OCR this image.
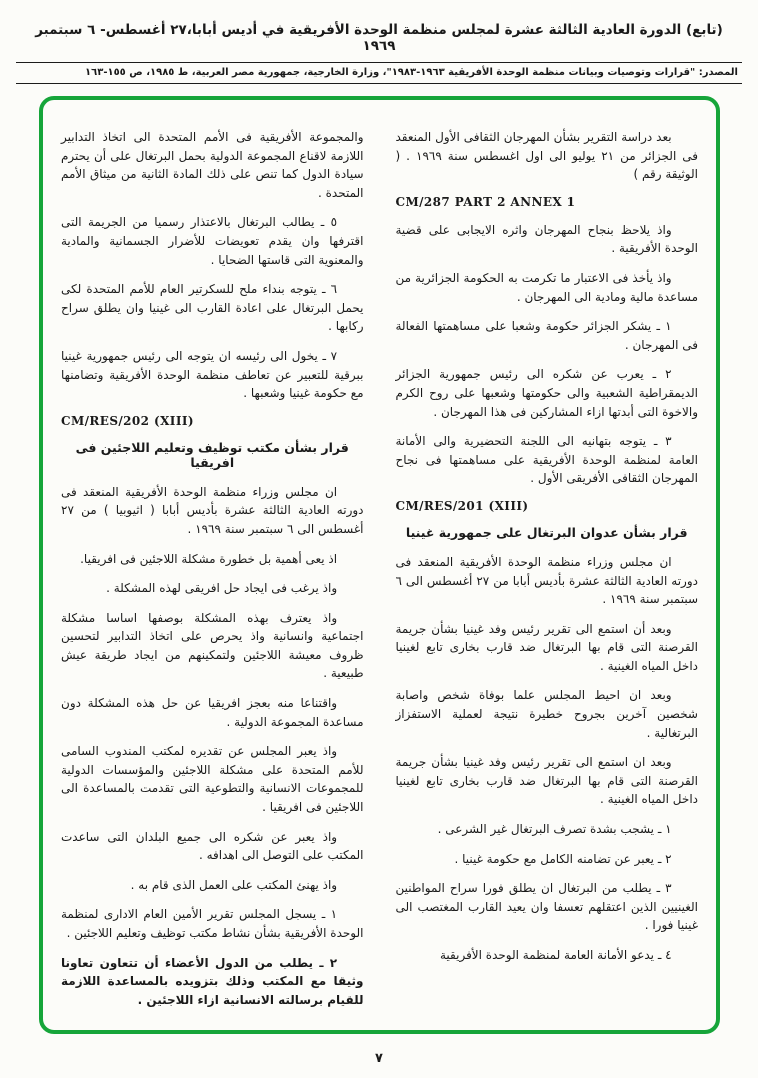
(تابع) الدورة العادية الثالثة عشرة لمجلس منظمة الوحدة الأفريقية في أديس أبابا،٢٧ أغسطس- ٦ سبتمبر ١٩٦٩
المصدر: "قرارات وتوصيات وبيانات منظمة الوحدة الأفريقية ١٩٦٣-١٩٨٣"، وزارة الخارجية، جمهورية مصر العربية، ط ١٩٨٥، ص ١٥٥-١٦٣

بعد دراسة التقرير بشأن المهرجان الثقافى الأول المنعقد فى الجزائر من ٢١ يوليو الى اول اغسطس سنة ١٩٦٩ . ( الوثيقة رقم )

CM/287 PART 2 ANNEX 1

واذ يلاحظ بنجاح المهرجان واثره الايجابى على قضية الوحدة الأفريقية .

واذ يأخذ فى الاعتبار ما تكرمت به الحكومة الجزائرية من مساعدة مالية ومادية الى المهرجان .

١ ـ يشكر الجزائر حكومة وشعبا على مساهمتها الفعالة فى المهرجان .

٢ ـ يعرب عن شكره الى رئيس جمهورية الجزائر الديمقراطية الشعبية والى حكومتها وشعبها على روح الكرم والاخوة التى أبدتها ازاء المشاركين فى هذا المهرجان .

٣ ـ يتوجه بتهانيه الى اللجنة التحضيرية والى الأمانة العامة لمنظمة الوحدة الأفريقية على مساهمتها فى نجاح المهرجان الثقافى الأفريقى الأول .

CM/RES/201 (XIII)
قرار بشأن عدوان البرتغال على جمهورية غينيا

ان مجلس وزراء منظمة الوحدة الأفريقية المنعقد فى دورته العادية الثالثة عشرة بأديس أبابا من ٢٧ أغسطس الى ٦ سبتمبر سنة ١٩٦٩ .

وبعد أن استمع الى تقرير رئيس وفد غينيا بشأن جريمة القرصنة التى قام بها البرتغال ضد قارب بخارى تابع لغينيا داخل المياه الغينية .

وبعد ان احيط المجلس علما بوفاة شخص واصابة شخصين آخرين بجروح خطيرة نتيجة لعملية الاستفزاز البرتغالية .

وبعد ان استمع الى تقرير رئيس وفد غينيا بشأن جريمة القرصنة التى قام بها البرتغال ضد قارب بخارى تابع لغينيا داخل المياه الغينية .

١ ـ يشجب بشدة تصرف البرتغال غير الشرعى .

٢ ـ يعبر عن تضامنه الكامل مع حكومة غينيا .

٣ ـ يطلب من البرتغال ان يطلق فورا سراح المواطنين الغينيين الذين اعتقلهم تعسفا وان يعيد القارب المغتصب الى غينيا فورا .

٤ ـ يدعو الأمانة العامة لمنظمة الوحدة الأفريقية

والمجموعة الأفريقية فى الأمم المتحدة الى اتخاذ التدابير اللازمة لاقناع المجموعة الدولية بحمل البرتغال على أن يحترم سيادة الدول كما تنص على ذلك المادة الثانية من ميثاق الأمم المتحدة .

٥ ـ يطالب البرتغال بالاعتذار رسميا من الجريمة التى اقترفها وان يقدم تعويضات للأضرار الجسمانية والمادية والمعنوية التى قاستها الضحايا .

٦ ـ يتوجه بنداء ملح للسكرتير العام للأمم المتحدة لكى يحمل البرتغال على اعادة القارب الى غينيا وان يطلق سراح ركابها .

٧ ـ يخول الى رئيسه ان يتوجه الى رئيس جمهورية غينيا ببرقية للتعبير عن تعاطف منظمة الوحدة الأفريقية وتضامنها مع حكومة غينيا وشعبها .

CM/RES/202 (XIII)
قرار بشأن مكتب توظيف وتعليم اللاجئين فى افريقيا

ان مجلس وزراء منظمة الوحدة الأفريقية المنعقد فى دورته العادية الثالثة عشرة بأديس أبابا ( اثيوبيا ) من ٢٧ أغسطس الى ٦ سبتمبر سنة ١٩٦٩ .

اذ يعى أهمية بل خطورة مشكلة اللاجئين فى افريقيا.

واذ يرغب فى ايجاد حل افريقى لهذه المشكلة .

واذ يعترف بهذه المشكلة بوصفها اساسا مشكلة اجتماعية وانسانية واذ يحرص على اتخاذ التدابير لتحسين ظروف معيشة اللاجئين ولتمكينهم من ايجاد طريقة عيش طبيعية .

واقتناعا منه بعجز افريقيا عن حل هذه المشكلة دون مساعدة المجموعة الدولية .

واذ يعبر المجلس عن تقديره لمكتب المندوب السامى للأمم المتحدة على مشكلة اللاجئين والمؤسسات الدولية للمجموعات الانسانية والتطوعية التى تقدمت بالمساعدة الى اللاجئين فى افريقيا .

واذ يعبر عن شكره الى جميع البلدان التى ساعدت المكتب على التوصل الى اهدافه .

واذ يهنئ المكتب على العمل الذى قام به .

١ ـ يسجل المجلس تقرير الأمين العام الادارى لمنظمة الوحدة الأفريقية بشأن نشاط مكتب توظيف وتعليم اللاجئين .

٢ ـ يطلب من الدول الأعضاء أن تتعاون تعاونا وثيقا مع المكتب وذلك بتزويده بالمساعدة اللازمة للقيام برسالته الانسانية ازاء اللاجئين .

٧
